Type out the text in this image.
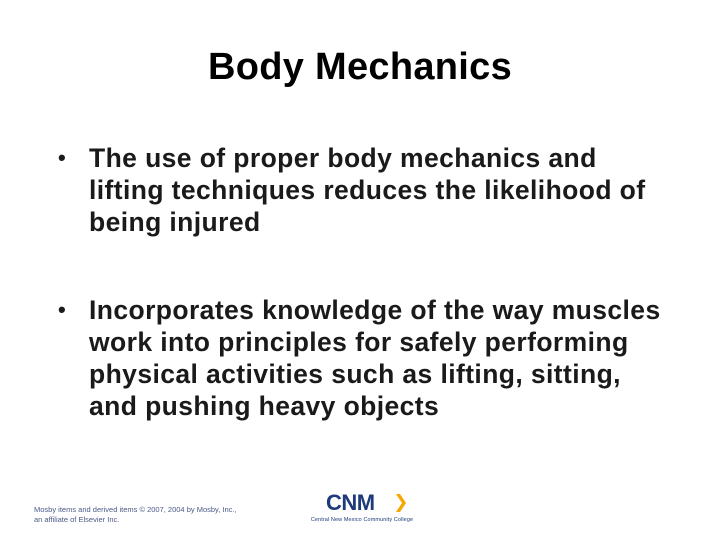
Body Mechanics
• The use of proper body mechanics and lifting techniques reduces the likelihood of being injured
• Incorporates knowledge of the way muscles work into principles for safely performing physical activities such as lifting, sitting, and pushing heavy objects
Mosby items and derived items © 2007, 2004 by Mosby, Inc.,
an affiliate of Elsevier Inc.
CNM
Central New Mexico Community College
